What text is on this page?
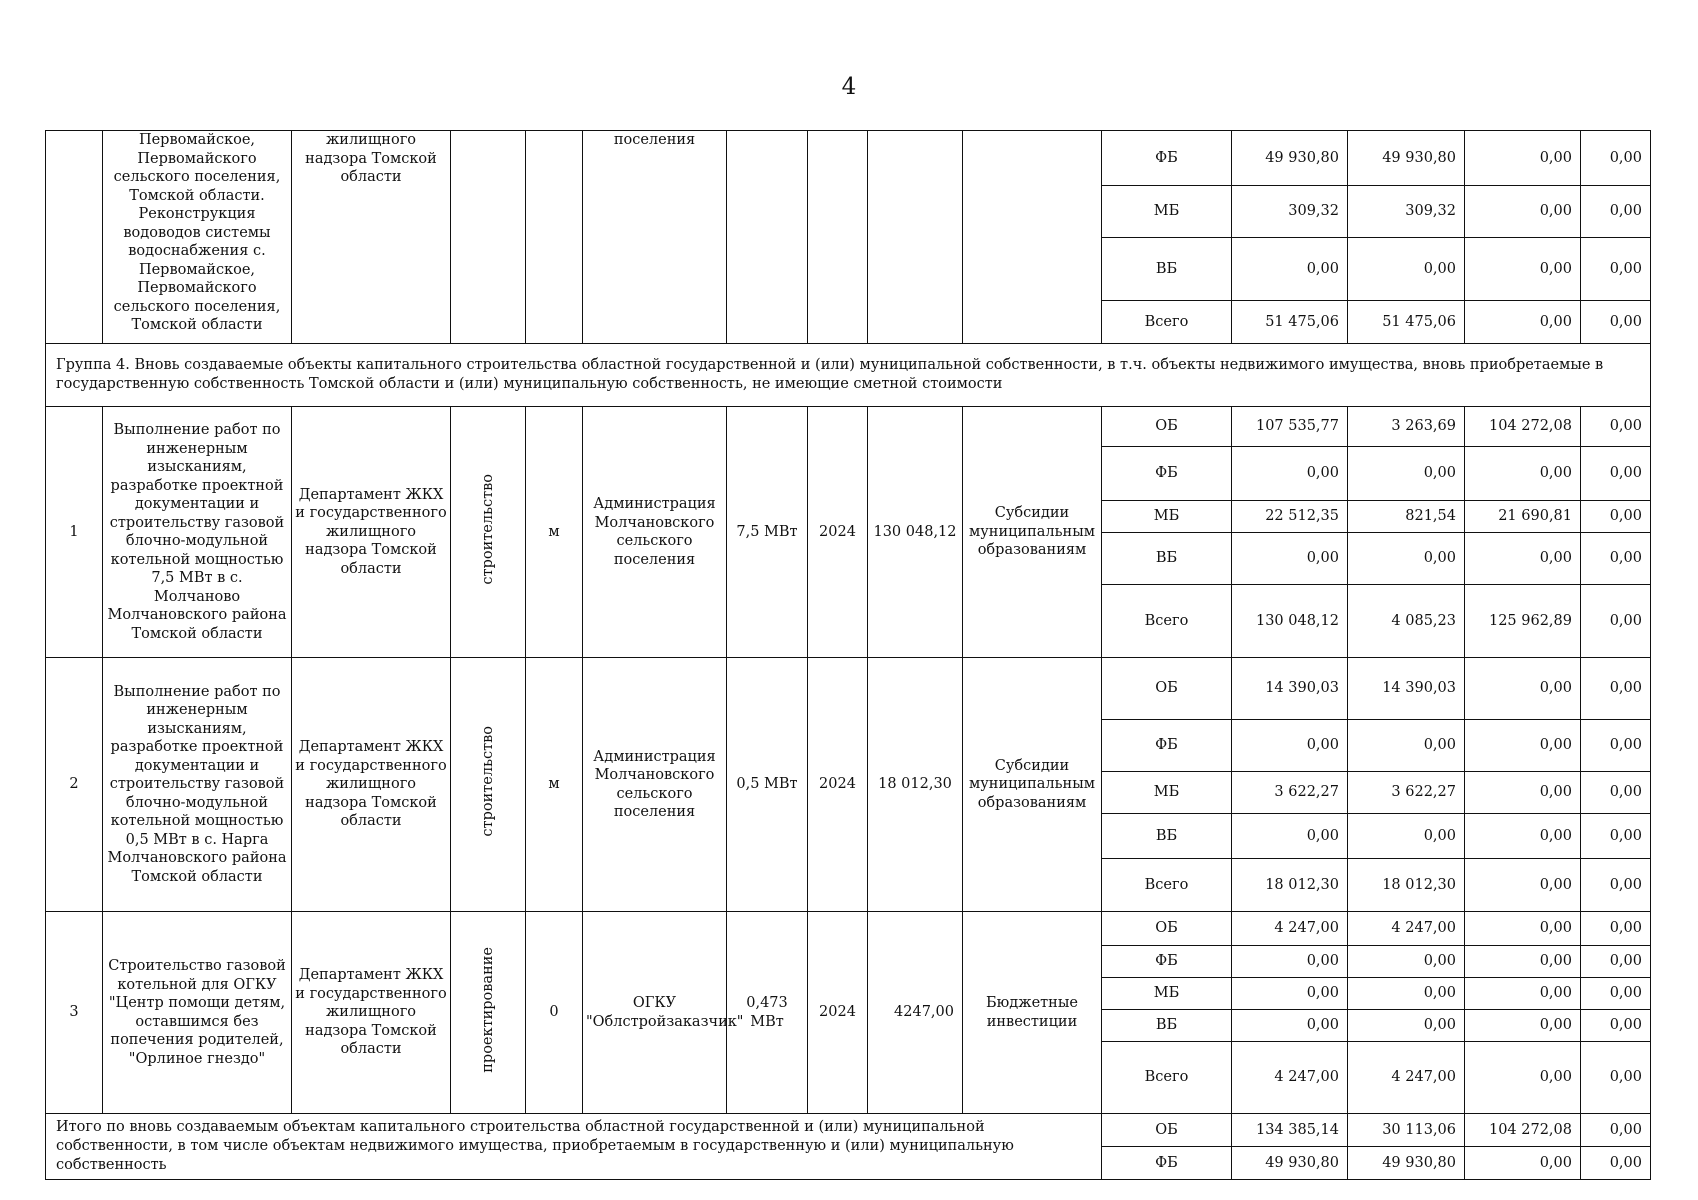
4
	Первомайское, Первомайского сельского поселения, Томской области. Реконструкция водоводов системы водоснабжения с. Первомайское, Первомайского сельского поселения, Томской области	жилищного надзора Томской области			поселения					ФБ	49 930,80	49 930,80	0,00	0,00
										МБ	309,32	309,32	0,00	0,00
										ВБ	0,00	0,00	0,00	0,00
										Всего	51 475,06	51 475,06	0,00	0,00
Группа 4. Вновь создаваемые объекты капитального строительства областной государственной и (или) муниципальной собственности, в т.ч. объекты недвижимого имущества, вновь приобретаемые в государственную собственность Томской области и (или) муниципальную собственность, не имеющие сметной стоимости														
1	Выполнение работ по инженерным изысканиям, разработке проектной документации и строительству газовой блочно-модульной котельной мощностью 7,5 МВт в с. Молчаново Молчановского района Томской области	Департамент ЖКХ и государственного жилищного надзора Томской области	строительство	м	Администрация Молчановского сельского поселения	7,5 МВт	2024	130 048,12	Субсидии муниципальным образованиям	ОБ	107 535,77	3 263,69	104 272,08	0,00
										ФБ	0,00	0,00	0,00	0,00
										МБ	22 512,35	821,54	21 690,81	0,00
										ВБ	0,00	0,00	0,00	0,00
										Всего	130 048,12	4 085,23	125 962,89	0,00
2	Выполнение работ по инженерным изысканиям, разработке проектной документации и строительству газовой блочно-модульной котельной мощностью 0,5 МВт в с. Нарга Молчановского района Томской области	Департамент ЖКХ и государственного жилищного надзора Томской области	строительство	м	Администрация Молчановского сельского поселения	0,5 МВт	2024	18 012,30	Субсидии муниципальным образованиям	ОБ	14 390,03	14 390,03	0,00	0,00
										ФБ	0,00	0,00	0,00	0,00
										МБ	3 622,27	3 622,27	0,00	0,00
										ВБ	0,00	0,00	0,00	0,00
										Всего	18 012,30	18 012,30	0,00	0,00
3	Строительство газовой котельной для ОГКУ "Центр помощи детям, оставшимся без попечения родителей, "Орлиное гнездо"	Департамент ЖКХ и государственного жилищного надзора Томской области	проектирование	0	ОГКУ "Облстройзаказчик"	0,473 МВт	2024	4247,00	Бюджетные инвестиции	ОБ	4 247,00	4 247,00	0,00	0,00
										ФБ	0,00	0,00	0,00	0,00
										МБ	0,00	0,00	0,00	0,00
										ВБ	0,00	0,00	0,00	0,00
										Всего	4 247,00	4 247,00	0,00	0,00
Итого по вновь создаваемым объектам капитального строительства областной государственной и (или) муниципальной собственности, в том числе объектам недвижимого имущества, приобретаемым в государственную и (или) муниципальную собственность										ОБ	134 385,14	30 113,06	104 272,08	0,00
										ФБ	49 930,80	49 930,80	0,00	0,00
